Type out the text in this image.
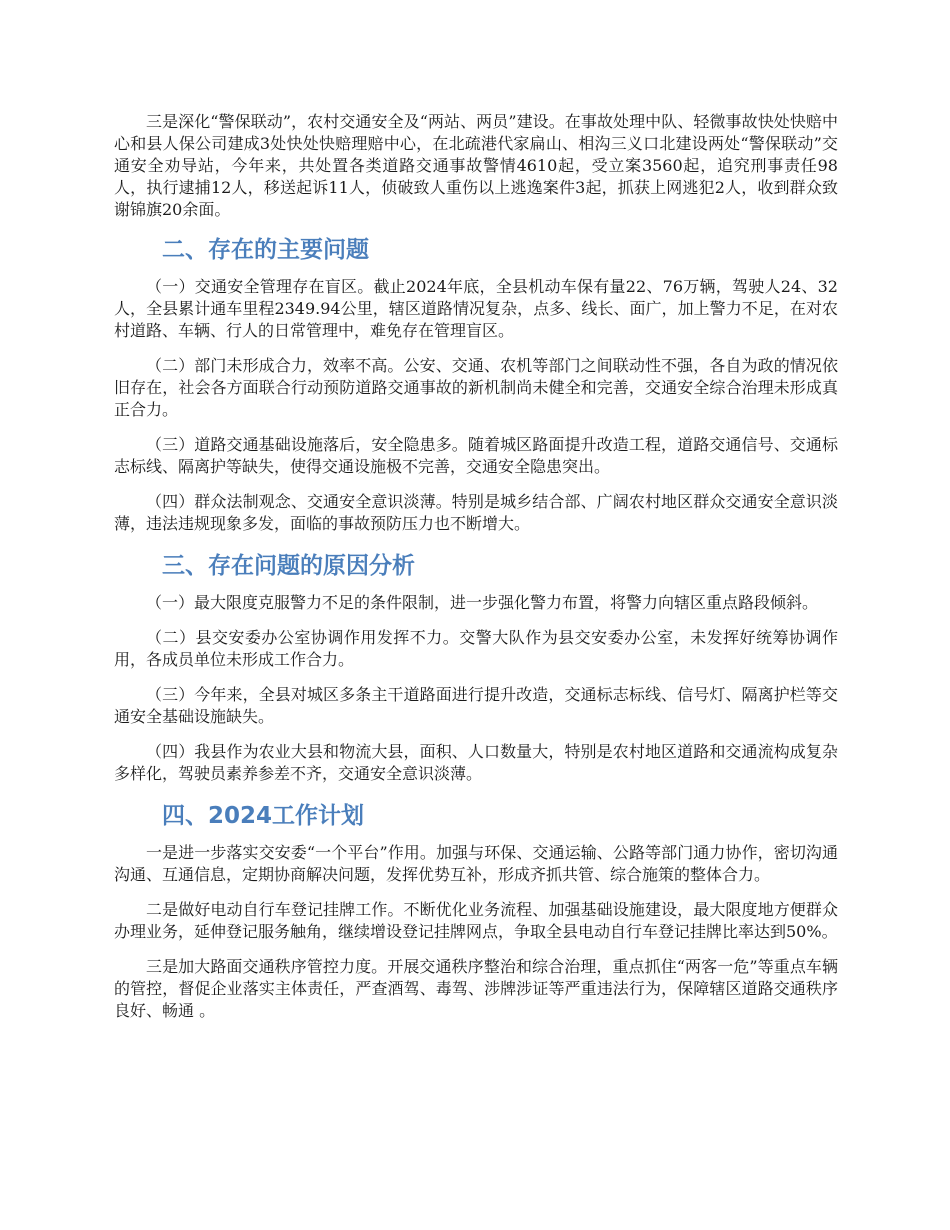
三是深化“警保联动”，农村交通安全及“两站、两员”建设。在事故处理中队、轻微事故快处快赔中心和县人保公司建成3处快处快赔理赔中心，在北疏港代家扁山、相沟三义口北建设两处“警保联动”交通安全劝导站，今年来，共处置各类道路交通事故警情4610起，受立案3560起，追究刑事责任98人，执行逮捕12人，移送起诉11人，侦破致人重伤以上逃逸案件3起，抓获上网逃犯2人，收到群众致谢锦旗20余面。

二、存在的主要问题

（一）交通安全管理存在盲区。截止2024年底，全县机动车保有量22、76万辆，驾驶人24、32人，全县累计通车里程2349.94公里，辖区道路情况复杂，点多、线长、面广，加上警力不足，在对农村道路、车辆、行人的日常管理中，难免存在管理盲区。

（二）部门未形成合力，效率不高。公安、交通、农机等部门之间联动性不强，各自为政的情况依旧存在，社会各方面联合行动预防道路交通事故的新机制尚未健全和完善，交通安全综合治理未形成真正合力。

（三）道路交通基础设施落后，安全隐患多。随着城区路面提升改造工程，道路交通信号、交通标志标线、隔离护等缺失，使得交通设施极不完善，交通安全隐患突出。

（四）群众法制观念、交通安全意识淡薄。特别是城乡结合部、广阔农村地区群众交通安全意识淡薄，违法违规现象多发，面临的事故预防压力也不断增大。

三、存在问题的原因分析

（一）最大限度克服警力不足的条件限制，进一步强化警力布置，将警力向辖区重点路段倾斜。

（二）县交安委办公室协调作用发挥不力。交警大队作为县交安委办公室，未发挥好统筹协调作用，各成员单位未形成工作合力。

（三）今年来，全县对城区多条主干道路面进行提升改造，交通标志标线、信号灯、隔离护栏等交通安全基础设施缺失。

（四）我县作为农业大县和物流大县，面积、人口数量大，特别是农村地区道路和交通流构成复杂多样化，驾驶员素养参差不齐，交通安全意识淡薄。

四、2024工作计划

一是进一步落实交安委“一个平台”作用。加强与环保、交通运输、公路等部门通力协作，密切沟通沟通、互通信息，定期协商解决问题，发挥优势互补，形成齐抓共管、综合施策的整体合力。

二是做好电动自行车登记挂牌工作。不断优化业务流程、加强基础设施建设，最大限度地方便群众办理业务，延伸登记服务触角，继续增设登记挂牌网点，争取全县电动自行车登记挂牌比率达到50%。

三是加大路面交通秩序管控力度。开展交通秩序整治和综合治理，重点抓住“两客一危”等重点车辆的管控，督促企业落实主体责任，严查酒驾、毒驾、涉牌涉证等严重违法行为，保障辖区道路交通秩序良好、畅通 。
